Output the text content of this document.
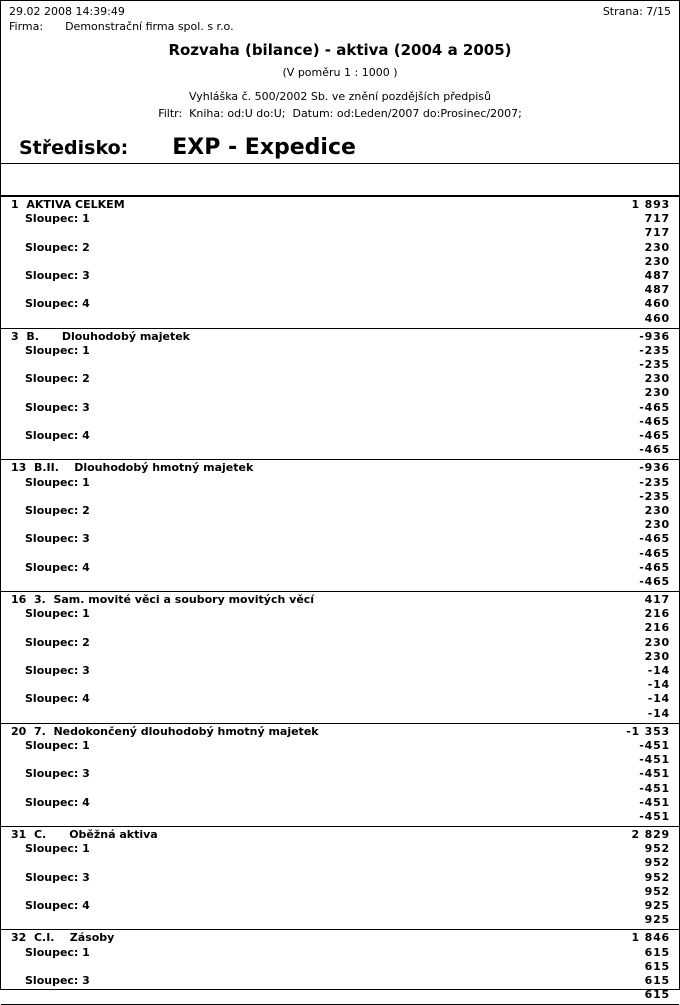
29.02 2008 14:39:49	Strana: 7/15
Firma: Demonstrační firma spol. s r.o.
Rozvaha (bilance) - aktiva (2004 a 2005)
(V poměru 1 : 1000 )
Vyhláška č. 500/2002 Sb. ve znění pozdějších předpisů
Filtr:  Kniha: od:U do:U;  Datum: od:Leden/2007 do:Prosinec/2007;
Středisko: EXP - Expedice
1  AKTIVA CELKEM	1 893
Sloupec: 1	717
717
Sloupec: 2	230
230
Sloupec: 3	487
487
Sloupec: 4	460
460
3  B.      Dlouhodobý majetek	-936
Sloupec: 1	-235
-235
Sloupec: 2	230
230
Sloupec: 3	-465
-465
Sloupec: 4	-465
-465
13  B.II.    Dlouhodobý hmotný majetek	-936
Sloupec: 1	-235
-235
Sloupec: 2	230
230
Sloupec: 3	-465
-465
Sloupec: 4	-465
-465
16  3.  Sam. movité věci a soubory movitých věcí	417
Sloupec: 1	216
216
Sloupec: 2	230
230
Sloupec: 3	-14
-14
Sloupec: 4	-14
-14
20  7.  Nedokončený dlouhodobý hmotný majetek	-1 353
Sloupec: 1	-451
-451
Sloupec: 3	-451
-451
Sloupec: 4	-451
-451
31  C.      Oběžná aktiva	2 829
Sloupec: 1	952
952
Sloupec: 3	952
952
Sloupec: 4	925
925
32  C.I.    Zásoby	1 846
Sloupec: 1	615
615
Sloupec: 3	615
615
